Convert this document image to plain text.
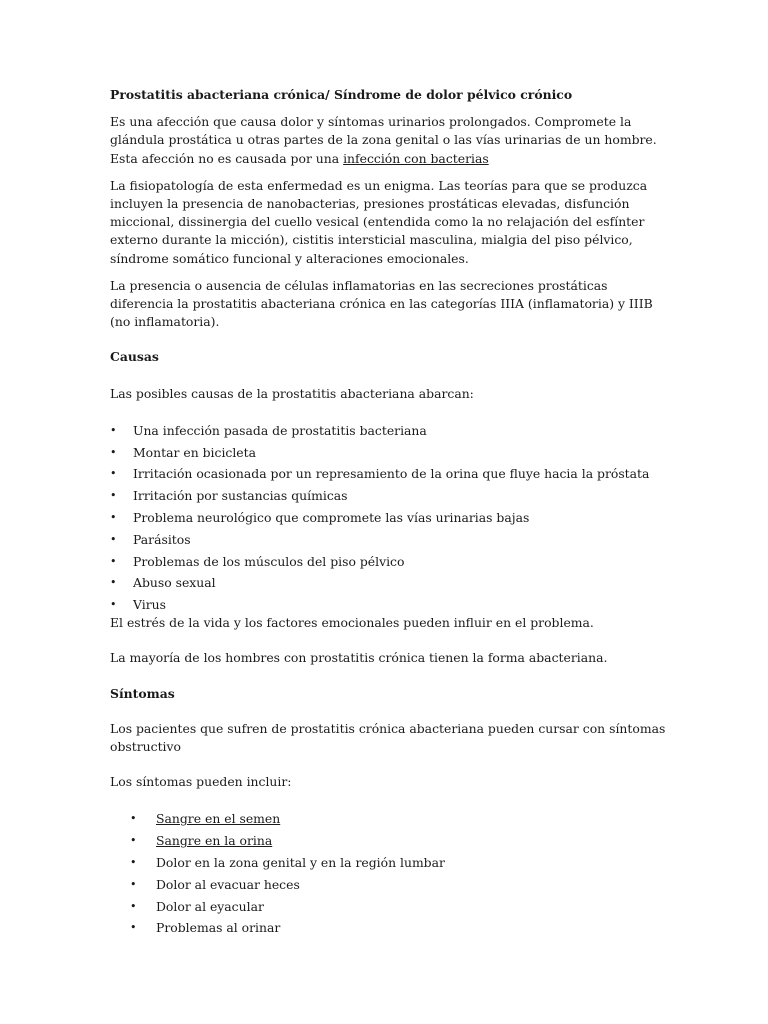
Prostatitis abacteriana crónica/ Síndrome de dolor pélvico crónico

Es una afección que causa dolor y síntomas urinarios prolongados. Compromete la glándula prostática u otras partes de la zona genital o las vías urinarias de un hombre. Esta afección no es causada por una infección con bacterias

La fisiopatología de esta enfermedad es un enigma. Las teorías para que se produzca incluyen la presencia de nanobacterias, presiones prostáticas elevadas, disfunción miccional, dissinergia del cuello vesical (entendida como la no relajación del esfínter externo durante la micción), cistitis intersticial masculina, mialgia del piso pélvico, síndrome somático funcional y alteraciones emocionales.

La presencia o ausencia de células inflamatorias en las secreciones prostáticas diferencia la prostatitis abacteriana crónica en las categorías IIIA (inflamatoria) y IIIB (no inflamatoria).

Causas

Las posibles causas de la prostatitis abacteriana abarcan:

• Una infección pasada de prostatitis bacteriana
• Montar en bicicleta
• Irritación ocasionada por un represamiento de la orina que fluye hacia la próstata
• Irritación por sustancias químicas
• Problema neurológico que compromete las vías urinarias bajas
• Parásitos
• Problemas de los músculos del piso pélvico
• Abuso sexual
• Virus

El estrés de la vida y los factores emocionales pueden influir en el problema.

La mayoría de los hombres con prostatitis crónica tienen la forma abacteriana.

Síntomas

Los pacientes que sufren de prostatitis crónica abacteriana pueden cursar con síntomas obstructivo

Los síntomas pueden incluir:

• Sangre en el semen
• Sangre en la orina
• Dolor en la zona genital y en la región lumbar
• Dolor al evacuar heces
• Dolor al eyacular
• Problemas al orinar
